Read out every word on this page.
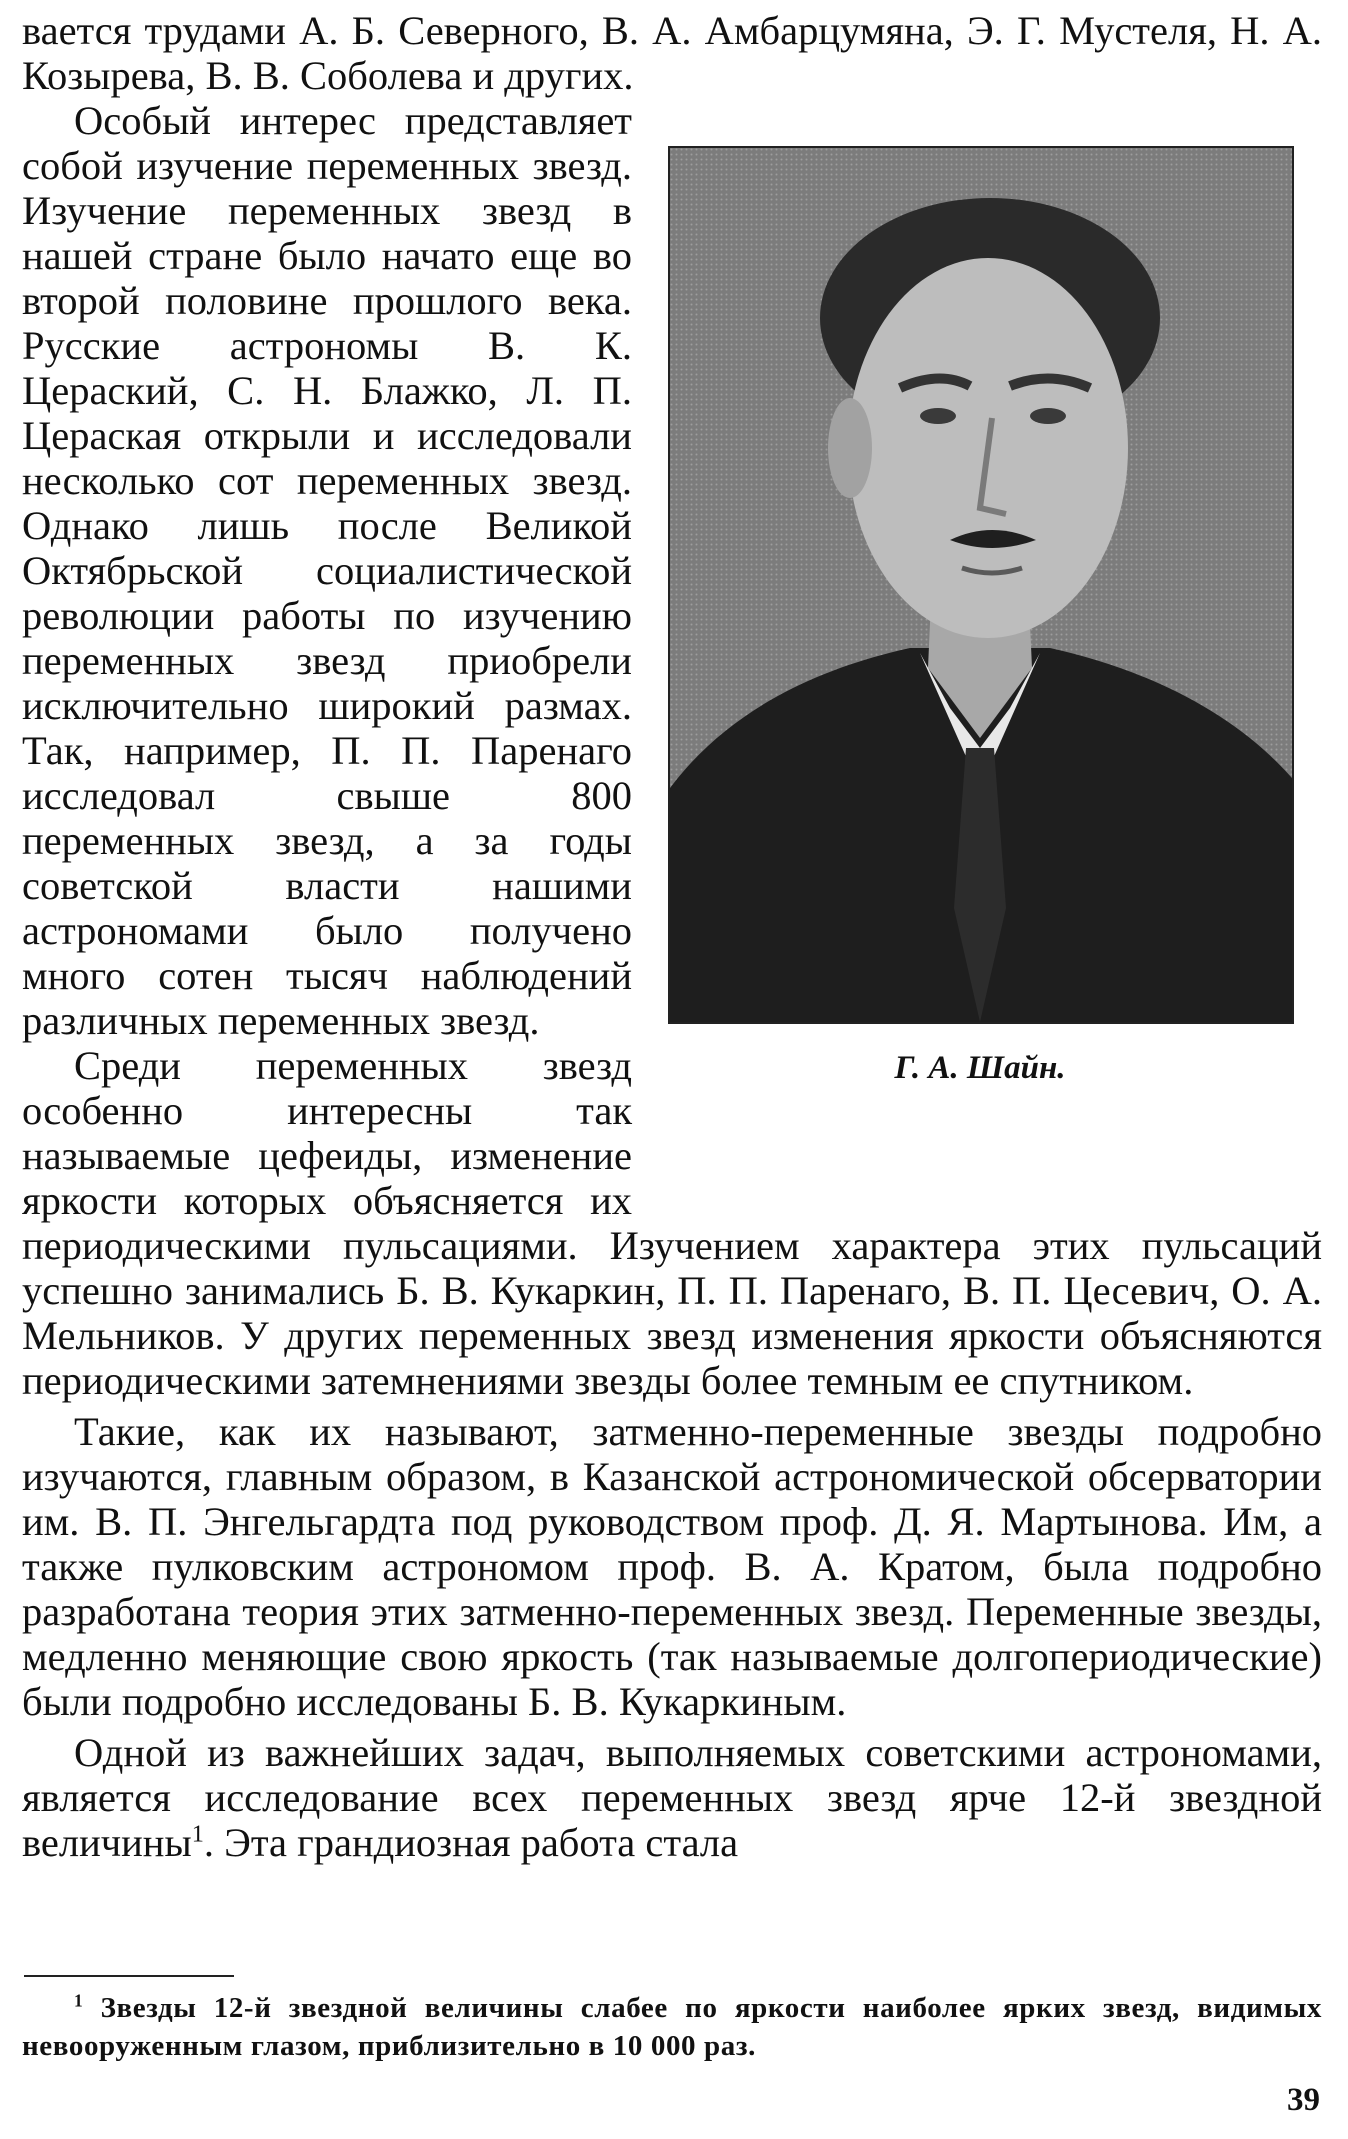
вается трудами А. Б. Северного, В. А. Амбарцумяна, Э. Г. Мустеля, Н. А. Козырева, В. В. Соболева и других.

Г. А. Шайн.

Особый интерес представляет собой изучение переменных звезд. Изучение переменных звезд в нашей стране было начато еще во второй половине прошлого века. Русские астрономы В. К. Цераский, С. Н. Блажко, Л. П. Цераская открыли и исследовали несколько сот переменных звезд. Однако лишь после Великой Октябрьской социалистической революции работы по изучению переменных звезд приобрели исключительно широкий размах. Так, например, П. П. Паренаго исследовал свыше 800 переменных звезд, а за годы советской власти нашими астрономами было получено много сотен тысяч наблюдений различных переменных звезд.

Среди переменных звезд особенно интересны так называемые цефеиды, изменение яркости которых объясняется их периодическими пульсациями. Изучением характера этих пульсаций успешно занимались Б. В. Кукаркин, П. П. Паренаго, В. П. Цесевич, О. А. Мельников. У других переменных звезд изменения яркости объясняются периодическими затемнениями звезды более темным ее спутником.

Такие, как их называют, затменно-переменные звезды подробно изучаются, главным образом, в Казанской астрономической обсерватории им. В. П. Энгельгардта под руководством проф. Д. Я. Мартынова. Им, а также пулковским астрономом проф. В. А. Кратом, была подробно разработана теория этих затменно-переменных звезд. Переменные звезды, медленно меняющие свою яркость (так называемые долгопериодические) были подробно исследованы Б. В. Кукаркиным.

Одной из важнейших задач, выполняемых советскими астрономами, является исследование всех переменных звезд ярче 12-й звездной величины$^1$. Эта грандиозная работа стала

$^1$ Звезды 12-й звездной величины слабее по яркости наиболее ярких звезд, видимых невооруженным глазом, приблизительно в 10 000 раз.

39
